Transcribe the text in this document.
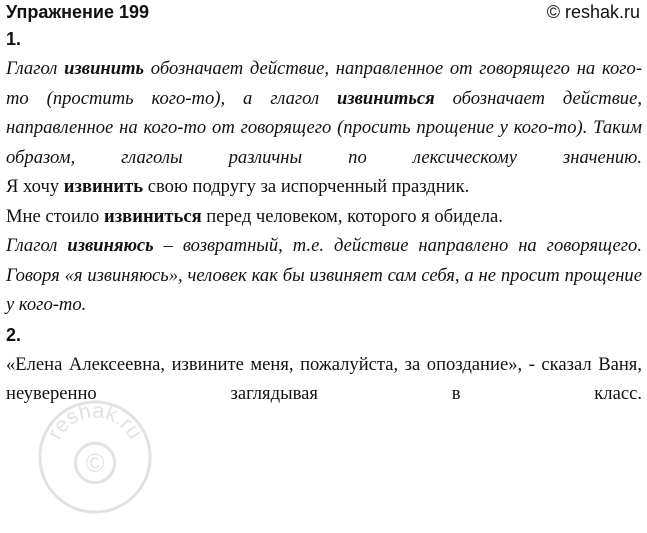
Упражнение 199	© reshak.ru
1.
Глагол извинить обозначает действие, направленное от говорящего на кого-то (простить кого-то), а глагол извиниться обозначает действие, направленное на кого-то от говорящего (просить прощение у кого-то). Таким образом, глаголы различны по лексическому значению.
Я хочу извинить свою подругу за испорченный праздник.
Мне стоило извиниться перед человеком, которого я обидела.
Глагол извиняюсь – возвратный, т.е. действие направлено на говорящего. Говоря «я извиняюсь», человек как бы извиняет сам себя, а не просит прощение у кого-то.
2.
«Елена Алексеевна, извините меня, пожалуйста, за опоздание», - сказал Ваня, неуверенно заглядывая в класс.
©
reshak.ru
